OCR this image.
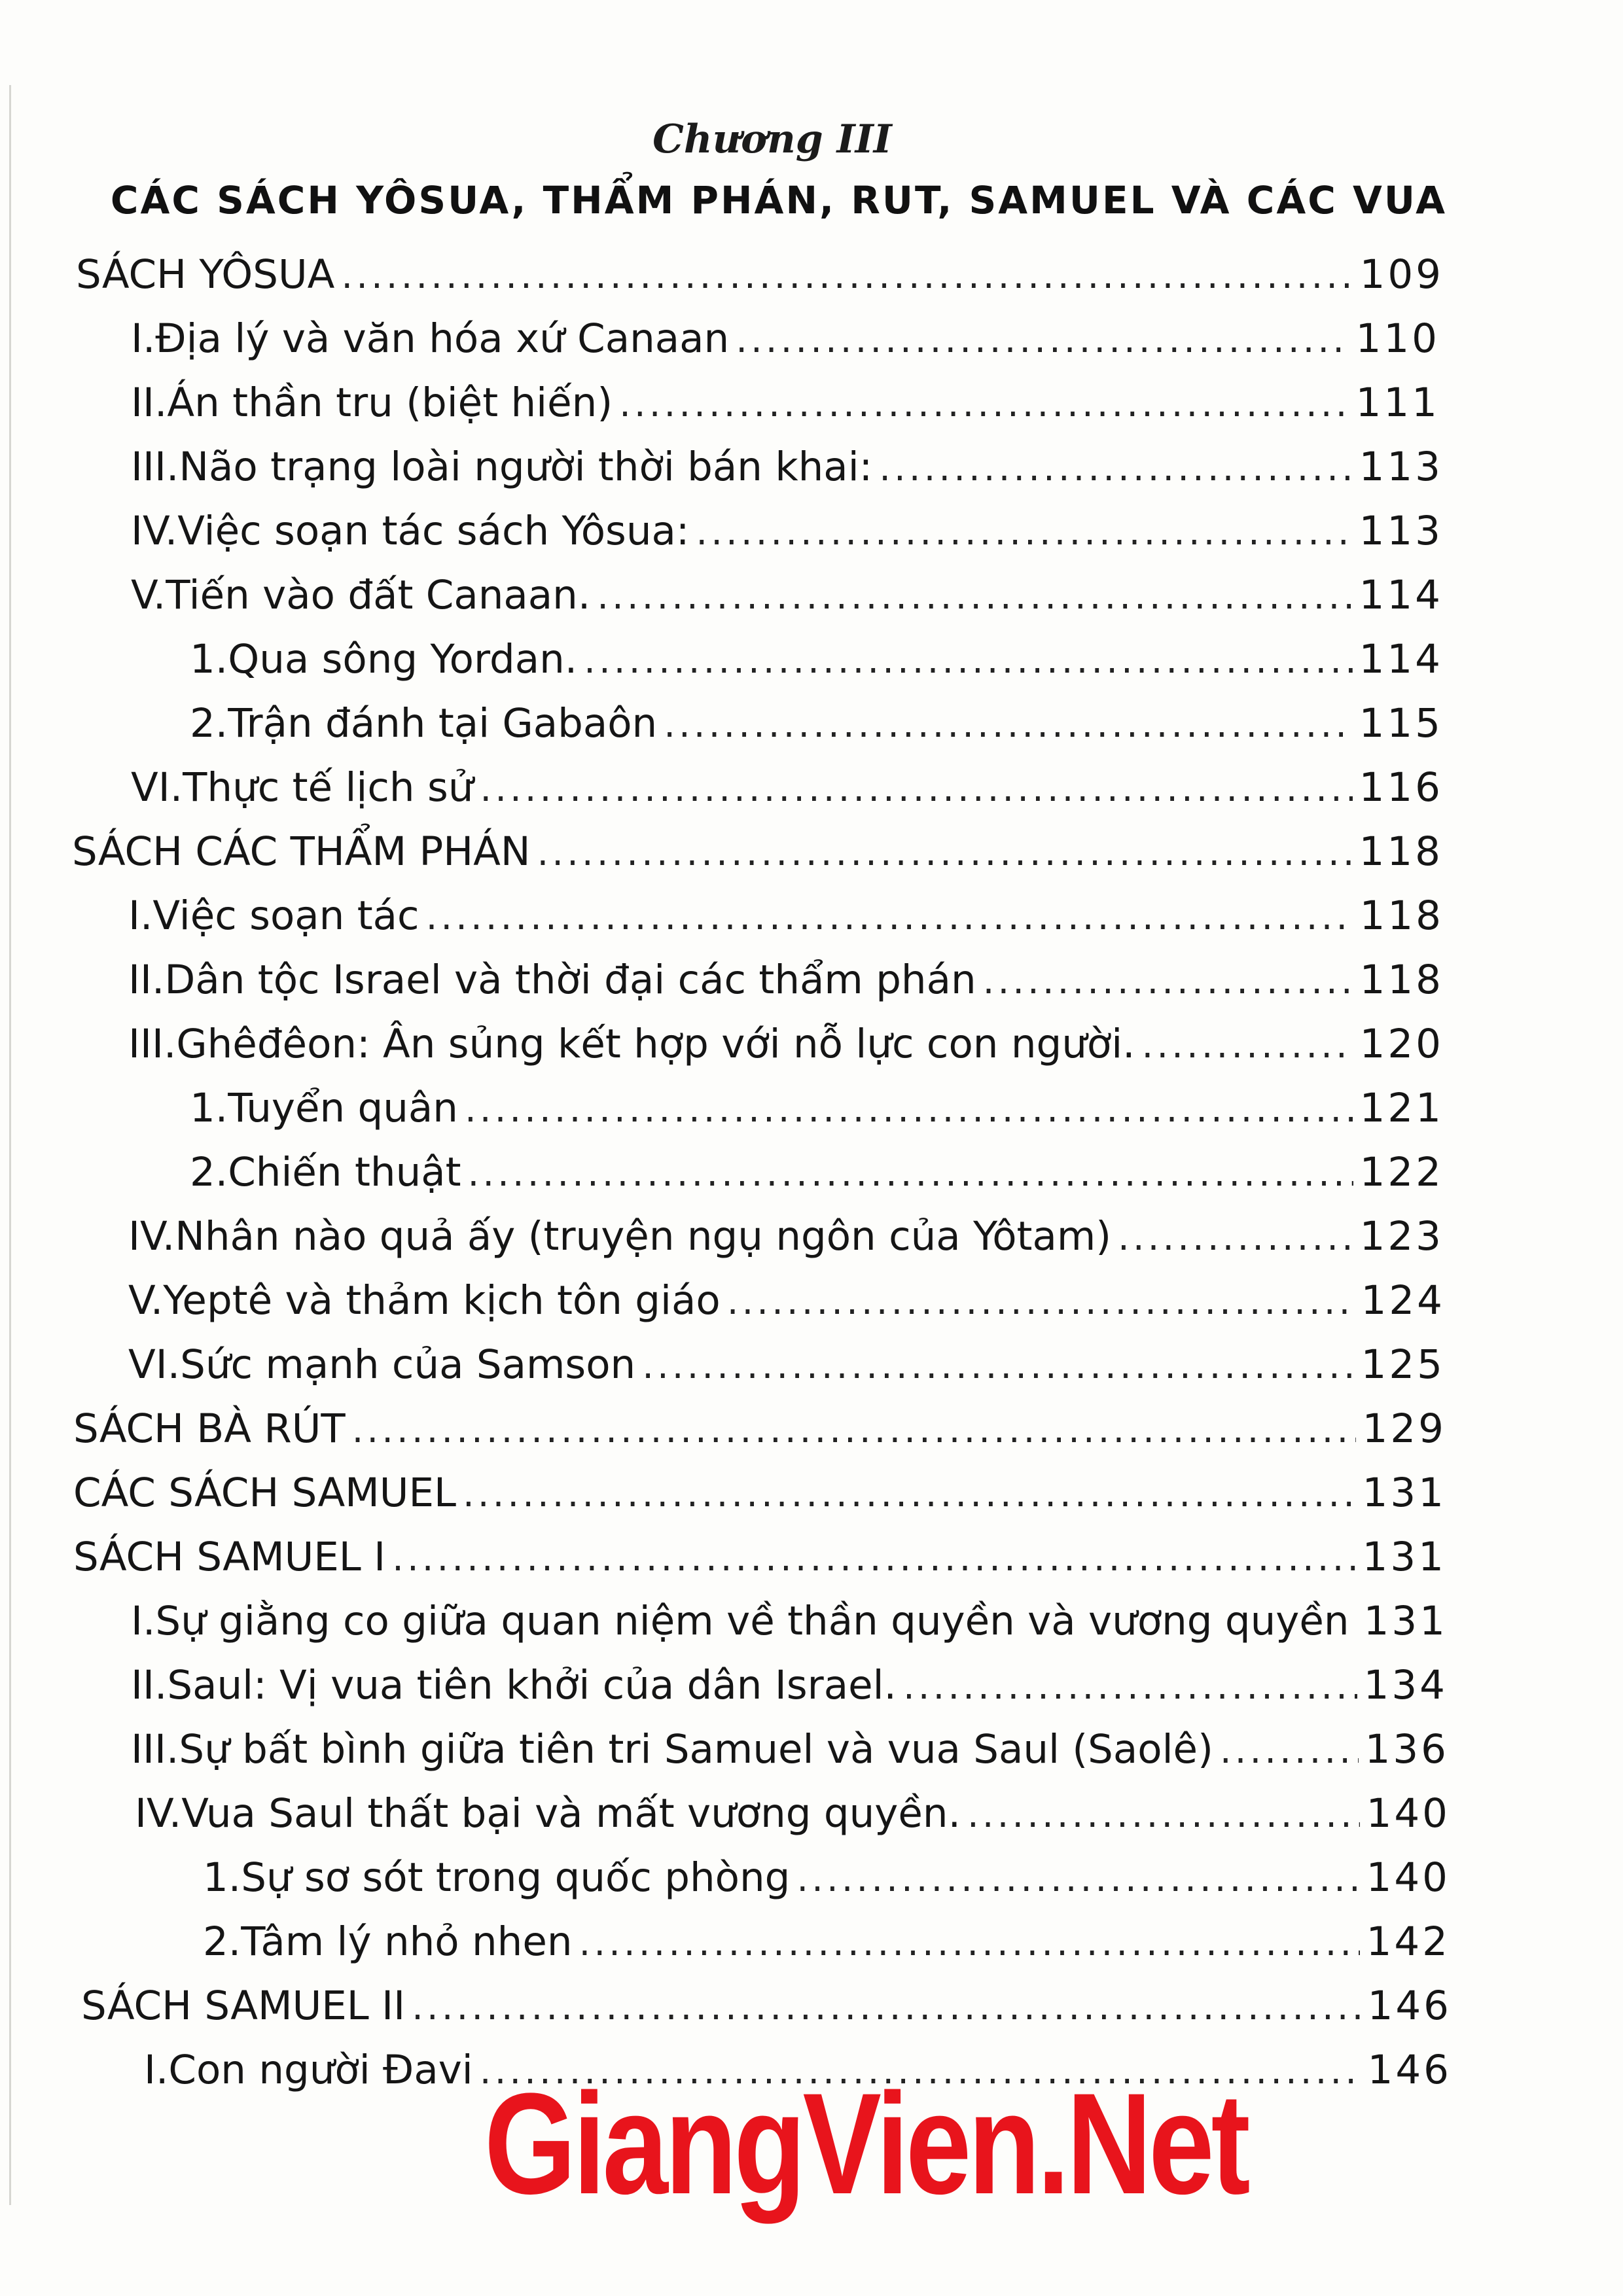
Chương III
CÁC SÁCH YÔSUA, THẨM PHÁN, RUT, SAMUEL VÀ CÁC VUA
SÁCH YÔSUA .....	109
I. Địa lý và văn hóa xứ Canaan .....	110
II. Án thần tru (biệt hiến) .....	111
III. Não trạng loài người thời bán khai: .....	113
IV. Việc soạn tác sách Yôsua: .....	113
V. Tiến vào đất Canaan. .....	114
1. Qua sông Yordan. .....	114
2. Trận đánh tại Gabaôn .....	115
VI. Thực tế lịch sử .....	116
SÁCH CÁC THẨM PHÁN .....	118
I. Việc soạn tác .....	118
II. Dân tộc Israel và thời đại các thẩm phán .....	118
III. Ghêđêon: Ân sủng kết hợp với nỗ lực con người. .....	120
1. Tuyển quân .....	121
2. Chiến thuật .....	122
IV. Nhân nào quả ấy (truyện ngụ ngôn của Yôtam) .....	123
V. Yeptê và thảm kịch tôn giáo .....	124
VI. Sức mạnh của Samson .....	125
SÁCH BÀ RÚT .....	129
CÁC SÁCH SAMUEL .....	131
SÁCH SAMUEL I .....	131
I. Sự giằng co giữa quan niệm về thần quyền và vương quyền ..... 131
II. Saul: Vị vua tiên khởi của dân Israel. .....	134
III. Sự bất bình giữa tiên tri Samuel và vua Saul (Saolê) .....	136
IV. Vua Saul thất bại và mất vương quyền. .....	140
1. Sự sơ sót trong quốc phòng .....	140
2. Tâm lý nhỏ nhen .....	142
SÁCH SAMUEL II .....	146
I. Con người Đavi .....	146
GiangVien.Net
